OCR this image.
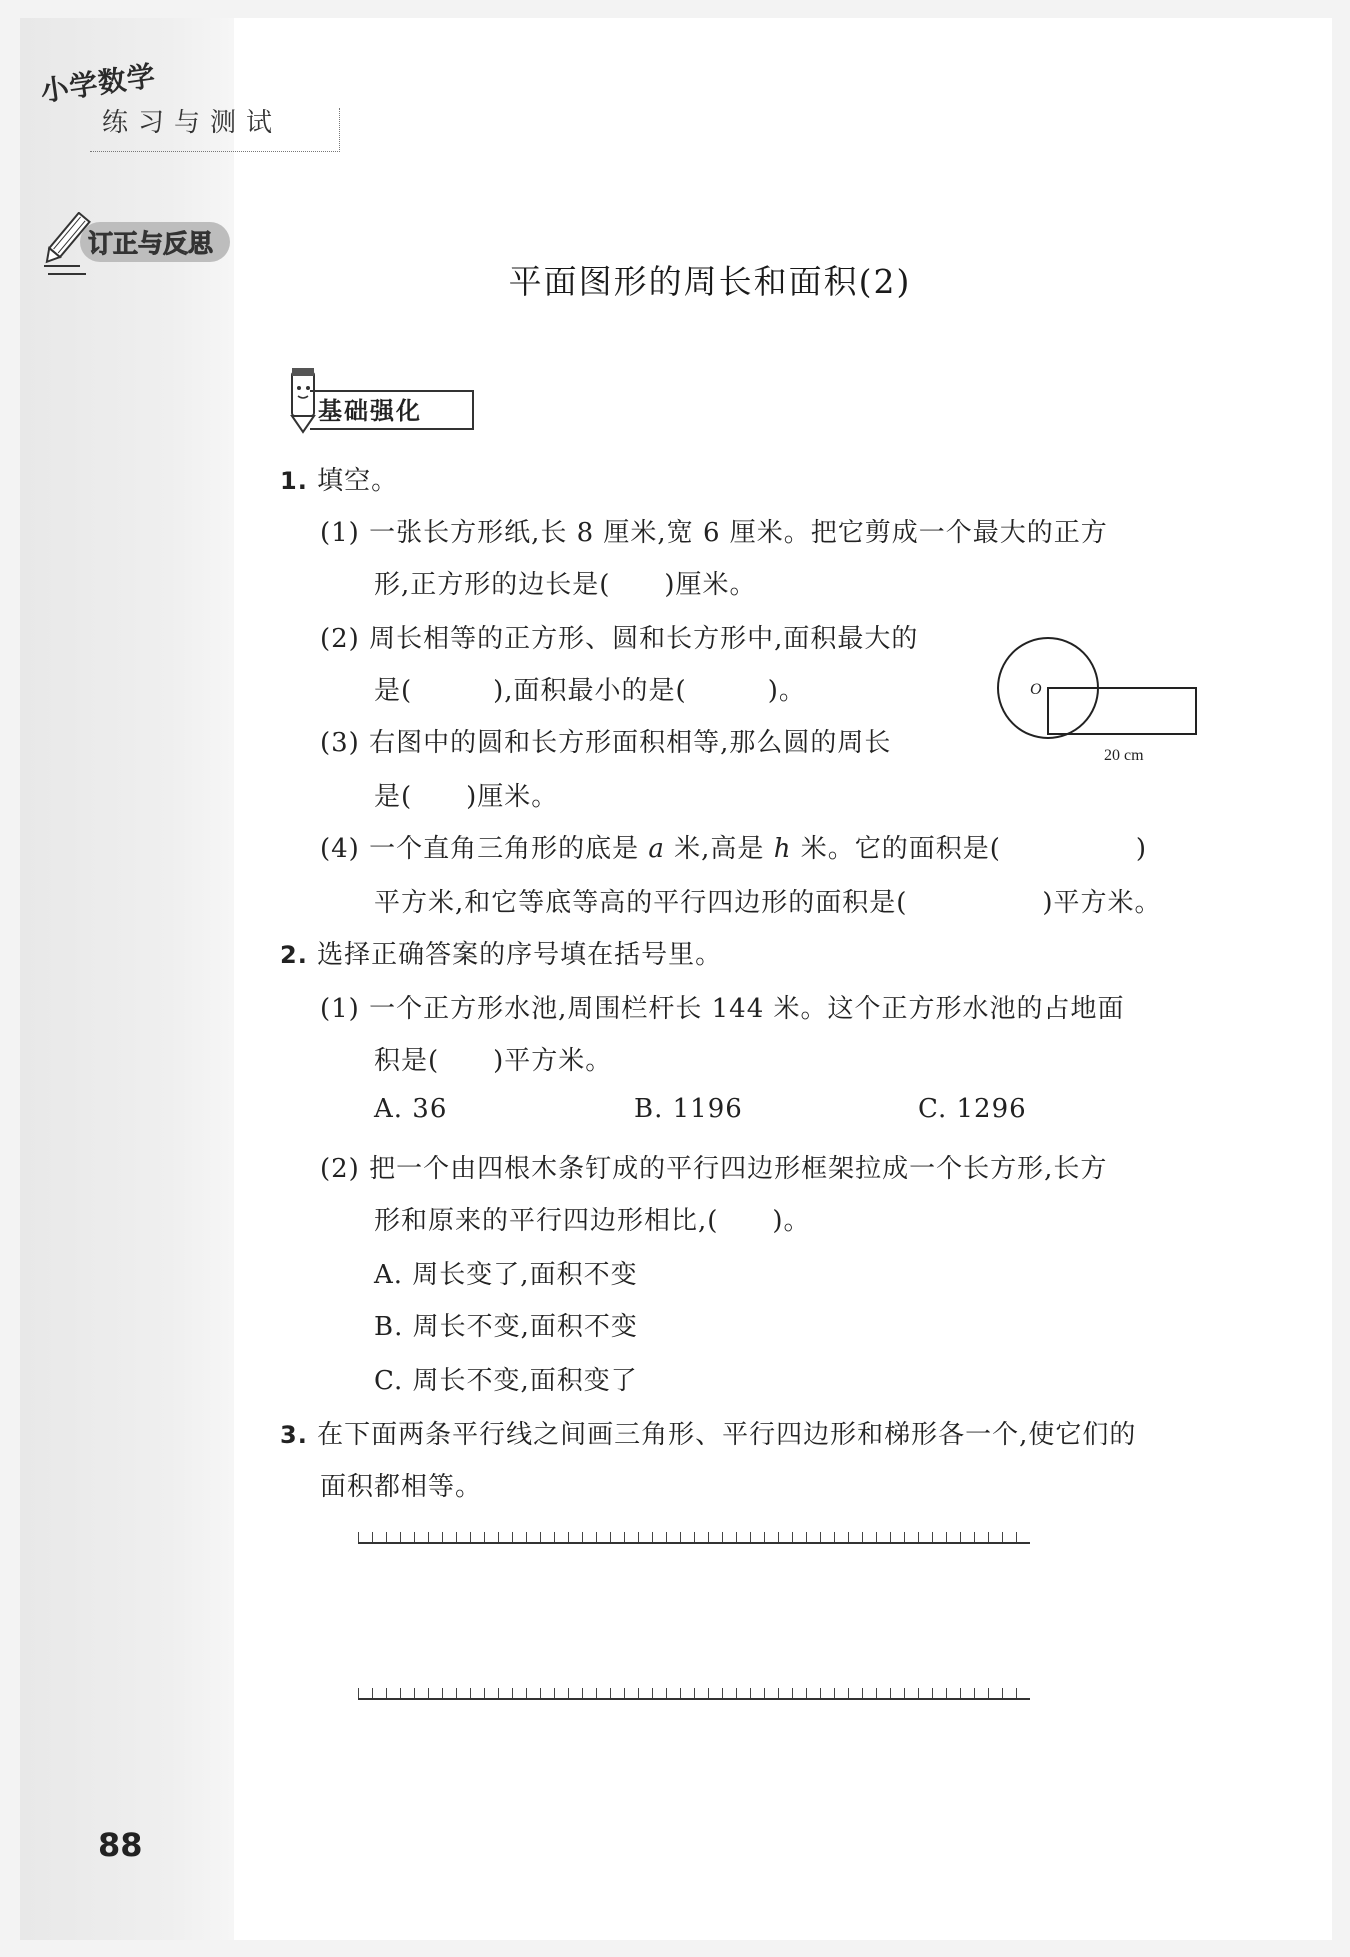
小学数学
练习与测试
订正与反思
平面图形的周长和面积(2)
基础强化
1. 填空。
(1) 一张长方形纸,长 8 厘米,宽 6 厘米。把它剪成一个最大的正方
形,正方形的边长是(　　)厘米。
(2) 周长相等的正方形、圆和长方形中,面积最大的
是(　　　),面积最小的是(　　　)。
(3) 右图中的圆和长方形面积相等,那么圆的周长
是(　　)厘米。
(4) 一个直角三角形的底是 a 米,高是 h 米。它的面积是(　　　　　)
平方米,和它等底等高的平行四边形的面积是(　　　　　)平方米。
O
20 cm
2. 选择正确答案的序号填在括号里。
(1) 一个正方形水池,周围栏杆长 144 米。这个正方形水池的占地面
积是(　　)平方米。
A. 36	B. 1196	C. 1296
(2) 把一个由四根木条钉成的平行四边形框架拉成一个长方形,长方
形和原来的平行四边形相比,(　　)。
A. 周长变了,面积不变
B. 周长不变,面积不变
C. 周长不变,面积变了
3. 在下面两条平行线之间画三角形、平行四边形和梯形各一个,使它们的
面积都相等。
88
